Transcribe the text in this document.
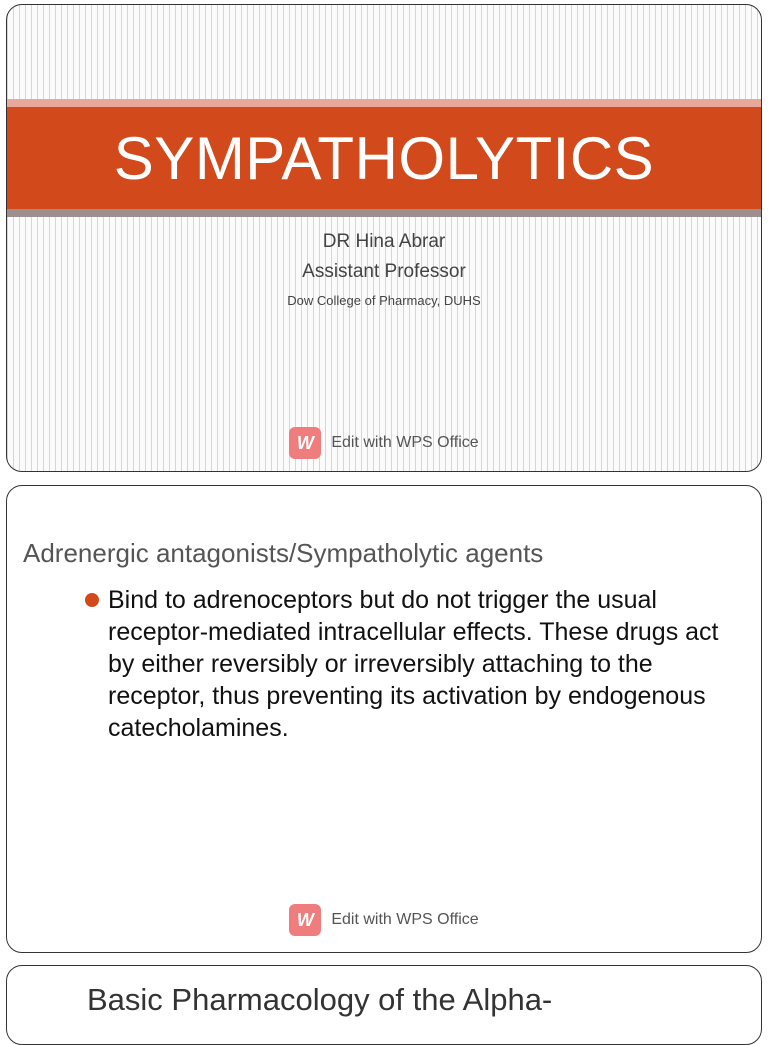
SYMPATHOLYTICS
DR Hina Abrar
Assistant Professor
Dow College of Pharmacy, DUHS
W	Edit with WPS Office
Adrenergic antagonists/Sympatholytic agents
Bind to adrenoceptors but do not trigger the usual receptor-mediated intracellular effects. These drugs act by either reversibly or irreversibly attaching to the receptor, thus preventing its activation by endogenous catecholamines.
W	Edit with WPS Office
Basic Pharmacology of the Alpha-
